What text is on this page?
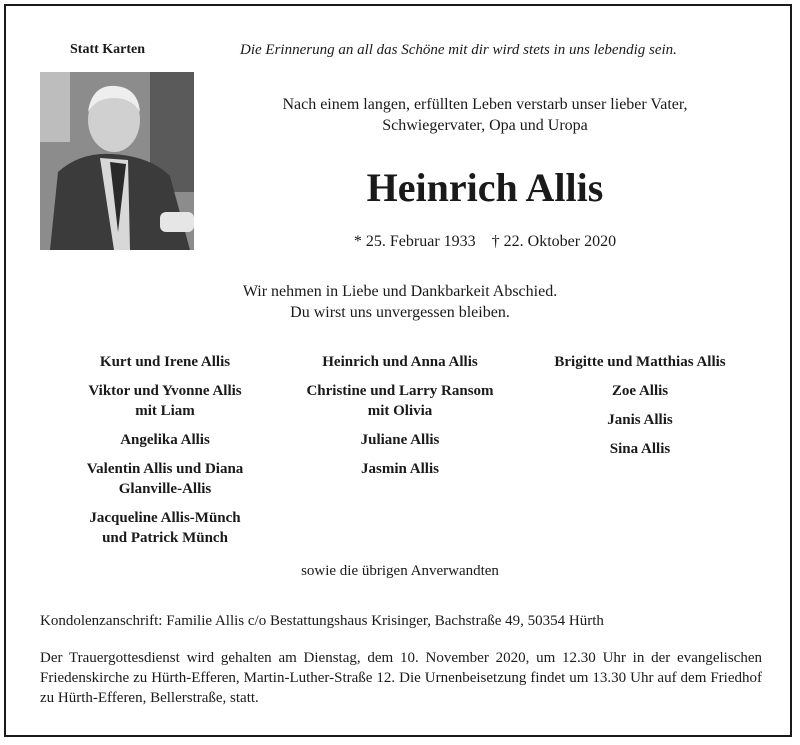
Statt Karten	Die Erinnerung an all das Schöne mit dir wird stets in uns lebendig sein.
Nach einem langen, erfüllten Leben verstarb unser lieber Vater,
Schwiegervater, Opa und Uropa
Heinrich Allis
* 25. Februar 1933 † 22. Oktober 2020
Wir nehmen in Liebe und Dankbarkeit Abschied.
Du wirst uns unvergessen bleiben.
Kurt und Irene Allis
Viktor und Yvonne Allis
mit Liam
Angelika Allis
Valentin Allis und Diana
Glanville-Allis
Jacqueline Allis-Münch
und Patrick Münch
Heinrich und Anna Allis
Christine und Larry Ransom
mit Olivia
Juliane Allis
Jasmin Allis
Brigitte und Matthias Allis
Zoe Allis
Janis Allis
Sina Allis
sowie die übrigen Anverwandten
Kondolenzanschrift: Familie Allis c/o Bestattungshaus Krisinger, Bachstraße 49, 50354 Hürth
Der Trauergottesdienst wird gehalten am Dienstag, dem 10. November 2020, um 12.30 Uhr in der evangelischen Friedenskirche zu Hürth-Efferen, Martin-Luther-Straße 12. Die Urnenbeisetzung findet um 13.30 Uhr auf dem Friedhof zu Hürth-Efferen, Bellerstraße, statt.
